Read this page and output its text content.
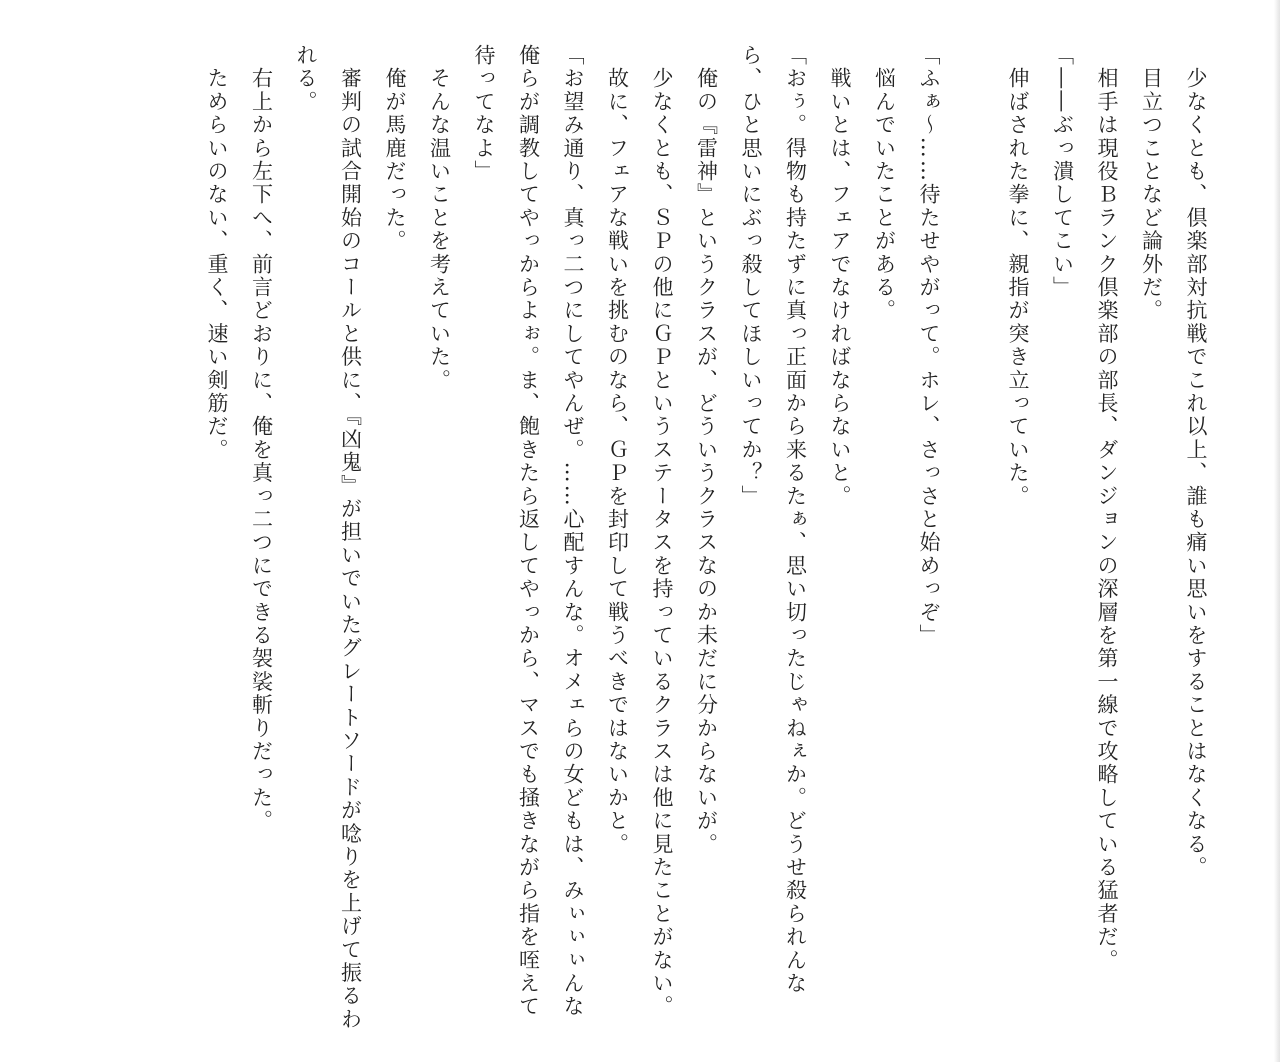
　少なくとも、倶楽部対抗戦でこれ以上、誰も痛い思いをすることはなくなる。

　目立つことなど論外だ。

　相手は現役Ｂランク倶楽部の部長、ダンジョンの深層を第一線で攻略している猛者だ。

「――ぶっ潰してこい」

　伸ばされた拳に、親指が突き立っていた。

「ふぁ～……待たせやがって。ホレ、さっさと始めっぞ」

　悩んでいたことがある。

　戦いとは、フェアでなければならないと。

「おぅ。得物も持たずに真っ正面から来るたぁ、思い切ったじゃねぇか。どうせ殺られんなら、ひと思いにぶっ殺してほしいってか？」

　俺の『雷神』というクラスが、どういうクラスなのか未だに分からないが。

　少なくとも、ＳＰの他にＧＰというステータスを持っているクラスは他に見たことがない。

　故に、フェアな戦いを挑むのなら、ＧＰを封印して戦うべきではないかと。

「お望み通り、真っ二つにしてやんぜ。……心配すんな。オメェらの女どもは、みぃぃぃんな俺らが調教してやっからよぉ。ま、飽きたら返してやっから、マスでも掻きながら指を咥えて待ってなよ」

　そんな温いことを考えていた。

　俺が馬鹿だった。

　審判の試合開始のコールと供に、『凶鬼』が担いでいたグレートソードが唸りを上げて振るわれる。

　右上から左下へ、前言どおりに、俺を真っ二つにできる袈裟斬りだった。

　ためらいのない、重く、速い剣筋だ。
